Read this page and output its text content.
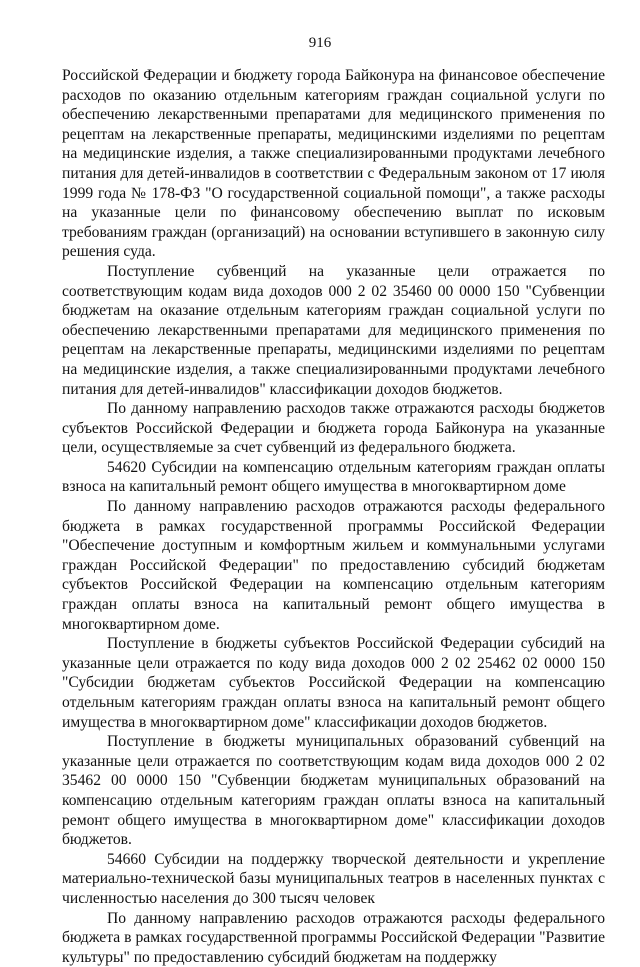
916

Российской Федерации и бюджету города Байконура на финансовое обеспечение расходов по оказанию отдельным категориям граждан социальной услуги по обеспечению лекарственными препаратами для медицинского применения по рецептам на лекарственные препараты, медицинскими изделиями по рецептам на медицинские изделия, а также специализированными продуктами лечебного питания для детей-инвалидов в соответствии с Федеральным законом от 17 июля 1999 года № 178-ФЗ "О государственной социальной помощи", а также расходы на указанные цели по финансовому обеспечению выплат по исковым требованиям граждан (организаций) на основании вступившего в законную силу решения суда.

Поступление субвенций на указанные цели отражается по соответствующим кодам вида доходов 000 2 02 35460 00 0000 150 "Субвенции бюджетам на оказание отдельным категориям граждан социальной услуги по обеспечению лекарственными препаратами для медицинского применения по рецептам на лекарственные препараты, медицинскими изделиями по рецептам на медицинские изделия, а также специализированными продуктами лечебного питания для детей-инвалидов" классификации доходов бюджетов.

По данному направлению расходов также отражаются расходы бюджетов субъектов Российской Федерации и бюджета города Байконура на указанные цели, осуществляемые за счет субвенций из федерального бюджета.

54620 Субсидии на компенсацию отдельным категориям граждан оплаты взноса на капитальный ремонт общего имущества в многоквартирном доме

По данному направлению расходов отражаются расходы федерального бюджета в рамках государственной программы Российской Федерации "Обеспечение доступным и комфортным жильем и коммунальными услугами граждан Российской Федерации" по предоставлению субсидий бюджетам субъектов Российской Федерации на компенсацию отдельным категориям граждан оплаты взноса на капитальный ремонт общего имущества в многоквартирном доме.

Поступление в бюджеты субъектов Российской Федерации субсидий на указанные цели отражается по коду вида доходов 000 2 02 25462 02 0000 150 "Субсидии бюджетам субъектов Российской Федерации на компенсацию отдельным категориям граждан оплаты взноса на капитальный ремонт общего имущества в многоквартирном доме" классификации доходов бюджетов.

Поступление в бюджеты муниципальных образований субвенций на указанные цели отражается по соответствующим кодам вида доходов 000 2 02 35462 00 0000 150 "Субвенции бюджетам муниципальных образований на компенсацию отдельным категориям граждан оплаты взноса на капитальный ремонт общего имущества в многоквартирном доме" классификации доходов бюджетов.

54660 Субсидии на поддержку творческой деятельности и укрепление материально-технической базы муниципальных театров в населенных пунктах с численностью населения до 300 тысяч человек

По данному направлению расходов отражаются расходы федерального бюджета в рамках государственной программы Российской Федерации "Развитие культуры" по предоставлению субсидий бюджетам на поддержку
